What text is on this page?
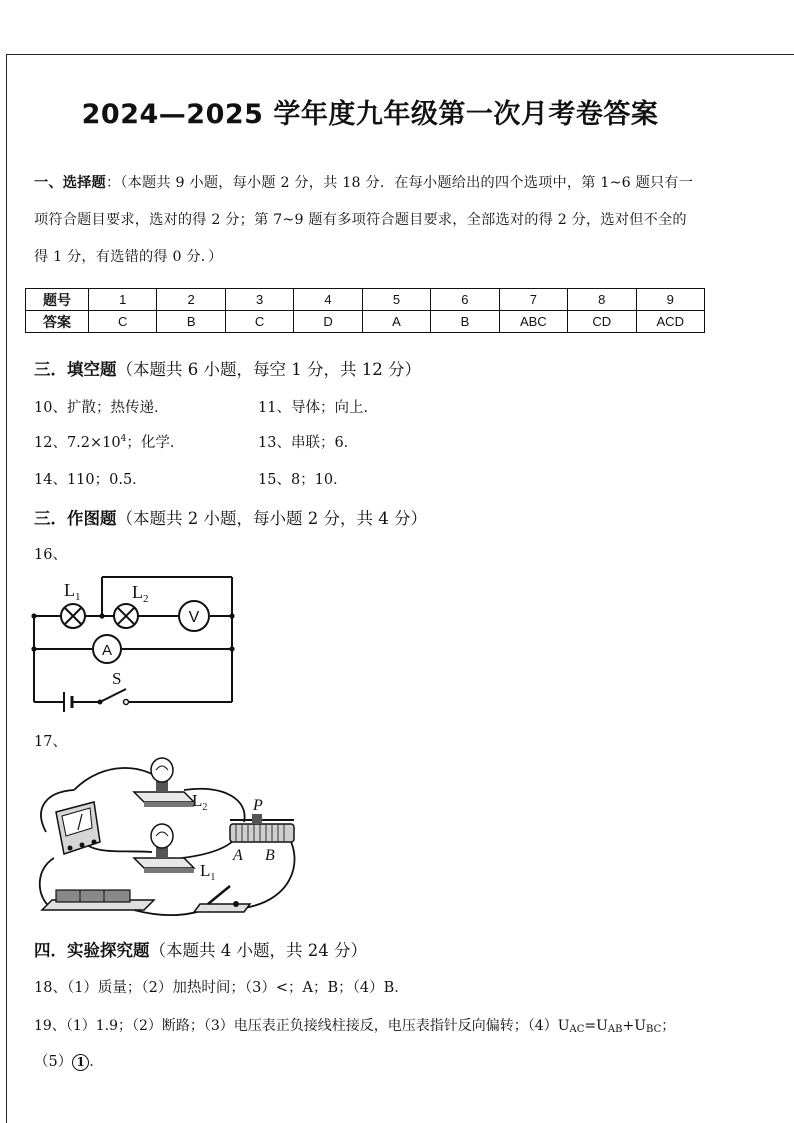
2024—2025 学年度九年级第一次月考卷答案
一、选择题：（本题共 9 小题，每小题 2 分，共 18 分．在每小题给出的四个选项中，第 1~6 题只有一
项符合题目要求，选对的得 2 分；第 7~9 题有多项符合题目要求，全部选对的得 2 分，选对但不全的
得 1 分，有选错的得 0 分．）
题号	1	2	3	4	5	6	7	8	9
答案	C	B	C	D	A	B	ABC	CD	ACD
三．填空题（本题共 6 小题，每空 1 分，共 12 分）
10、扩散；热传递．	11、导体；向上．
12、$7.2\times 10^4$；化学．	13、串联；6．
14、110；0.5．	15、8；10．
三．作图题（本题共 2 小题，每小题 2 分，共 4 分）
16、
V
A
$L_1$	$L_2$
S
17、
$L_2$
$L_1$
P
A B
四．实验探究题（本题共 4 小题，共 24 分）
18、（1）质量；（2）加热时间；（3）<；A；B；（4）B．
19、（1）1.9；（2）断路；（3）电压表正负接线柱接反，电压表指针反向偏转；$(4)U_{AC}=U_{AB}+U_{BC}$；
（5） 1 ．
